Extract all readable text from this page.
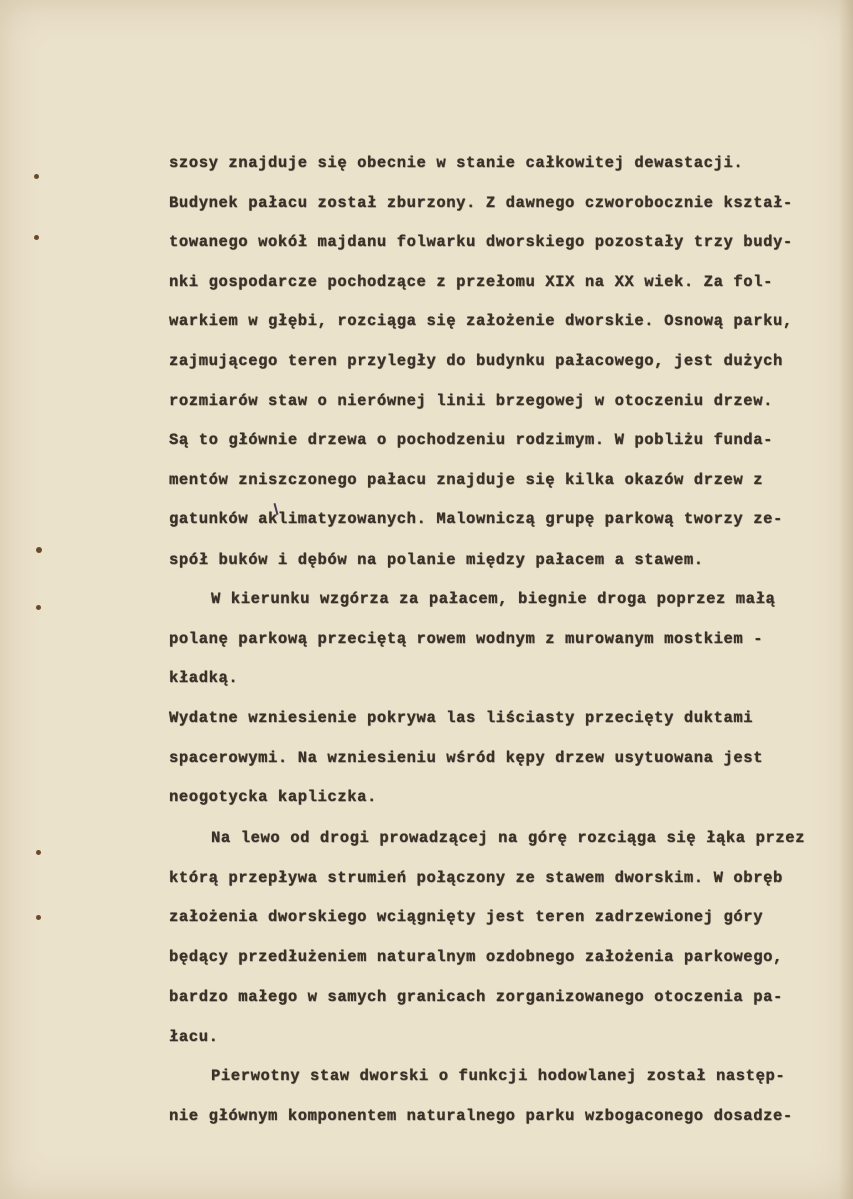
szosy znajduje się obecnie w stanie całkowitej dewastacji.
Budynek pałacu został zburzony. Z dawnego czworobocznie kształ-
towanego wokół majdanu folwarku dworskiego pozostały trzy budy-
nki gospodarcze pochodzące z przełomu XIX na XX wiek. Za fol-
warkiem w głębi, rozciąga się założenie dworskie. Osnową parku,
zajmującego teren przyległy do budynku pałacowego, jest dużych
rozmiarów staw o nierównej linii brzegowej w otoczeniu drzew.
Są to głównie drzewa o pochodzeniu rodzimym. W pobliżu funda-
mentów zniszczonego pałacu znajduje się kilka okazów drzew z
gatunków aklimatyzowanych. Malowniczą grupę parkową tworzy ze-
spół buków i dębów na polanie między pałacem a stawem.
W kierunku wzgórza za pałacem, biegnie droga poprzez małą
polanę parkową przeciętą rowem wodnym z murowanym mostkiem -
kładką.
Wydatne wzniesienie pokrywa las liściasty przecięty duktami
spacerowymi. Na wzniesieniu wśród kępy drzew usytuowana jest
neogotycka kapliczka.
Na lewo od drogi prowadzącej na górę rozciąga się łąka przez
którą przepływa strumień połączony ze stawem dworskim. W obręb
założenia dworskiego wciągnięty jest teren zadrzewionej góry
będący przedłużeniem naturalnym ozdobnego założenia parkowego,
bardzo małego w samych granicach zorganizowanego otoczenia pa-
łacu.
Pierwotny staw dworski o funkcji hodowlanej został następ-
nie głównym komponentem naturalnego parku wzbogaconego dosadze-
